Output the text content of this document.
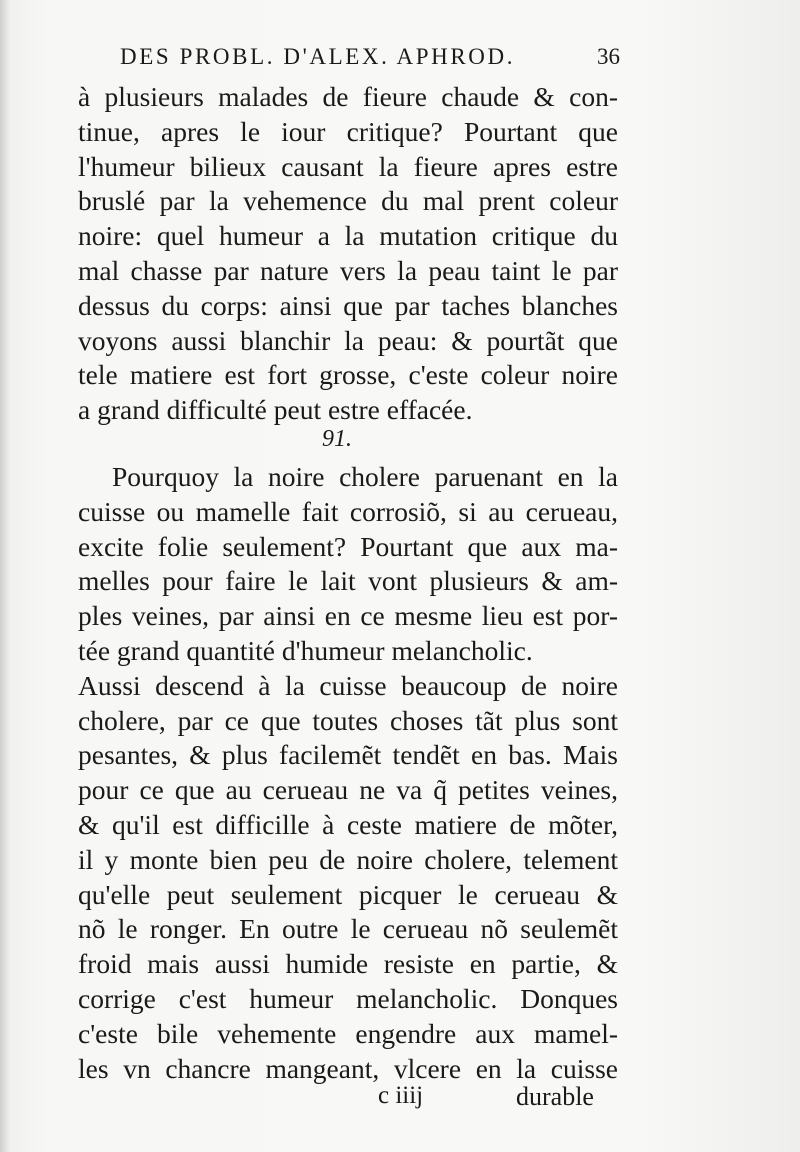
DES PROBL. D'ALEX. APHROD.	36
à plusieurs malades de fieure chaude & con-
tinue, apres le iour critique? Pourtant que
l'humeur bilieux causant la fieure apres estre
bruslé par la vehemence du mal prent coleur
noire: quel humeur a la mutation critique du
mal chasse par nature vers la peau taint le par
dessus du corps: ainsi que par taches blanches
voyons aussi blanchir la peau: & pourtãt que
tele matiere est fort grosse, c'este coleur noire
a grand difficulté peut estre effacée.
91.
Pourquoy la noire cholere paruenant en la
cuisse ou mamelle fait corrosiõ, si au cerueau,
excite folie seulement? Pourtant que aux ma-
melles pour faire le lait vont plusieurs & am-
ples veines, par ainsi en ce mesme lieu est por-
tée grand quantité d'humeur melancholic.
Aussi descend à la cuisse beaucoup de noire
cholere, par ce que toutes choses tãt plus sont
pesantes, & plus facilemẽt tendẽt en bas. Mais
pour ce que au cerueau ne va q̃ petites veines,
& qu'il est difficille à ceste matiere de mõter,
il y monte bien peu de noire cholere, telement
qu'elle peut seulement picquer le cerueau &
nõ le ronger. En outre le cerueau nõ seulemẽt
froid mais aussi humide resiste en partie, &
corrige c'est humeur melancholic. Donques
c'este bile vehemente engendre aux mamel-
les vn chancre mangeant, vlcere en la cuisse
c iiij	durable
